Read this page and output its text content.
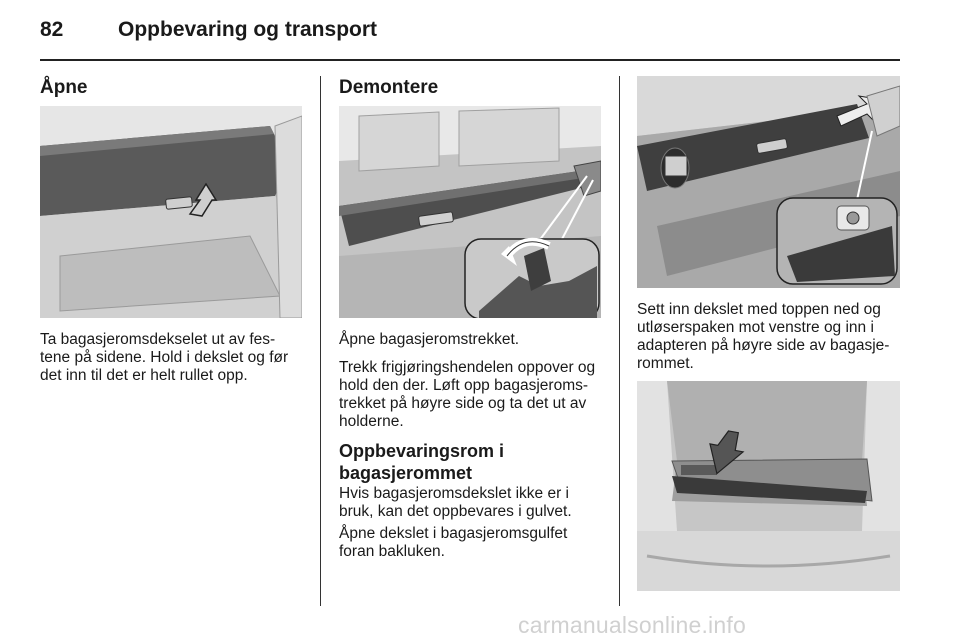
82	Oppbevaring og transport
Åpne
Ta bagasjeromsdekselet ut av fes-
tene på sidene. Hold i dekslet og før
det inn til det er helt rullet opp.
Demontere
Åpne bagasjeromstrekket.
Trekk frigjøringshendelen oppover og
hold den der. Løft opp bagasjeroms-
trekket på høyre side og ta det ut av
holderne.
Oppbevaringsrom i
bagasjerommet
Hvis bagasjeromsdekslet ikke er i
bruk, kan det oppbevares i gulvet.
Åpne dekslet i bagasjeromsgulfet
foran bakluken.
Sett inn dekslet med toppen ned og
utløserspaken mot venstre og inn i
adapteren på høyre side av bagasje-
rommet.
carmanualsonline.info
